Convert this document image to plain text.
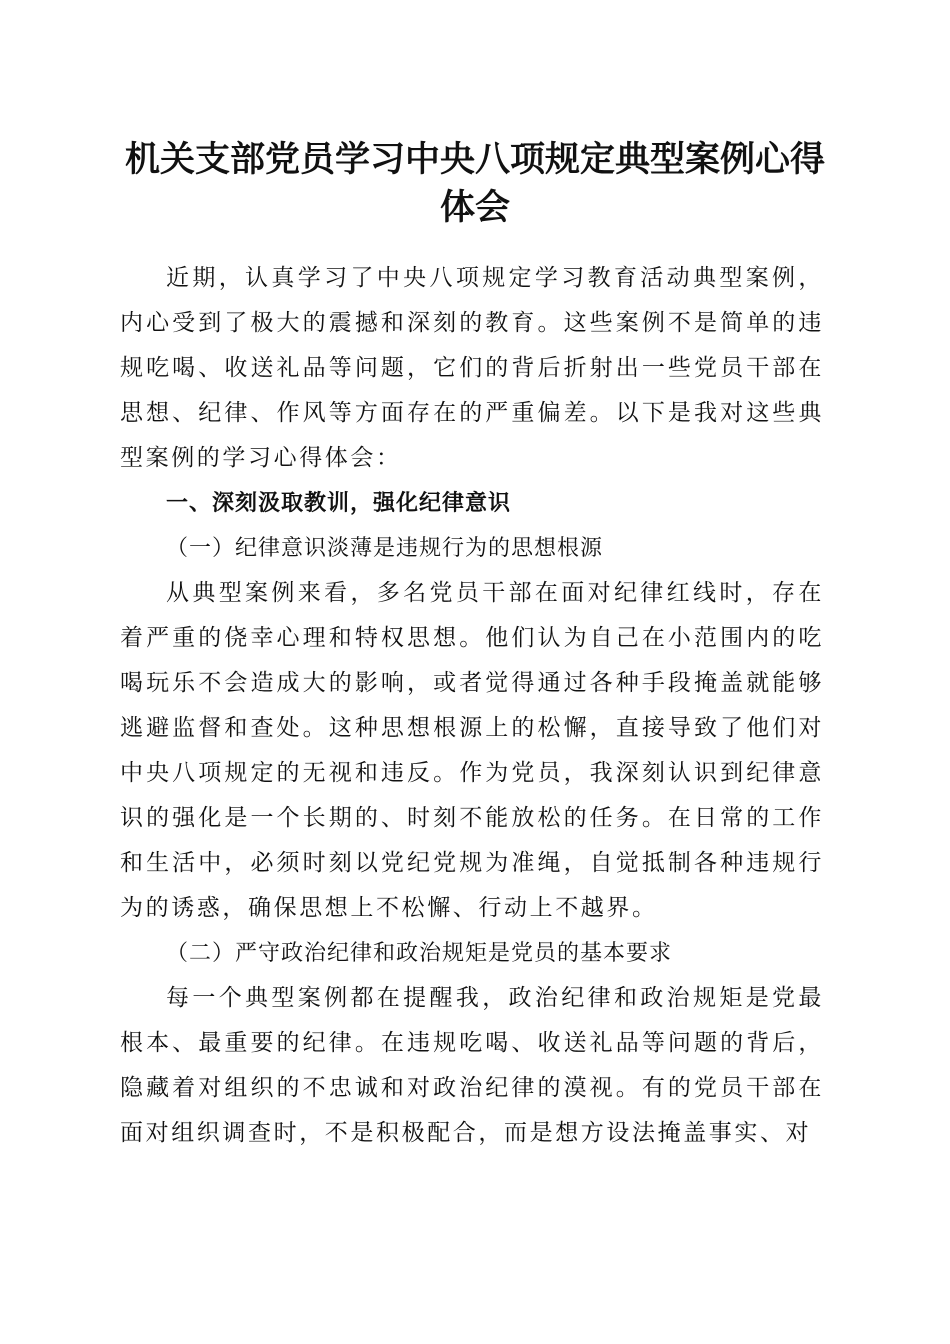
机关支部党员学习中央八项规定典型案例心得
体会

近期，认真学习了中央八项规定学习教育活动典型案例，内心受到了极大的震撼和深刻的教育。这些案例不是简单的违规吃喝、收送礼品等问题，它们的背后折射出一些党员干部在思想、纪律、作风等方面存在的严重偏差。以下是我对这些典型案例的学习心得体会：

一、深刻汲取教训，强化纪律意识

（一）纪律意识淡薄是违规行为的思想根源

从典型案例来看，多名党员干部在面对纪律红线时，存在着严重的侥幸心理和特权思想。他们认为自己在小范围内的吃喝玩乐不会造成大的影响，或者觉得通过各种手段掩盖就能够逃避监督和查处。这种思想根源上的松懈，直接导致了他们对中央八项规定的无视和违反。作为党员，我深刻认识到纪律意识的强化是一个长期的、时刻不能放松的任务。在日常的工作和生活中，必须时刻以党纪党规为准绳，自觉抵制各种违规行为的诱惑，确保思想上不松懈、行动上不越界。

（二）严守政治纪律和政治规矩是党员的基本要求

每一个典型案例都在提醒我，政治纪律和政治规矩是党最根本、最重要的纪律。在违规吃喝、收送礼品等问题的背后，隐藏着对组织的不忠诚和对政治纪律的漠视。有的党员干部在面对组织调查时，不是积极配合，而是想方设法掩盖事实、对
